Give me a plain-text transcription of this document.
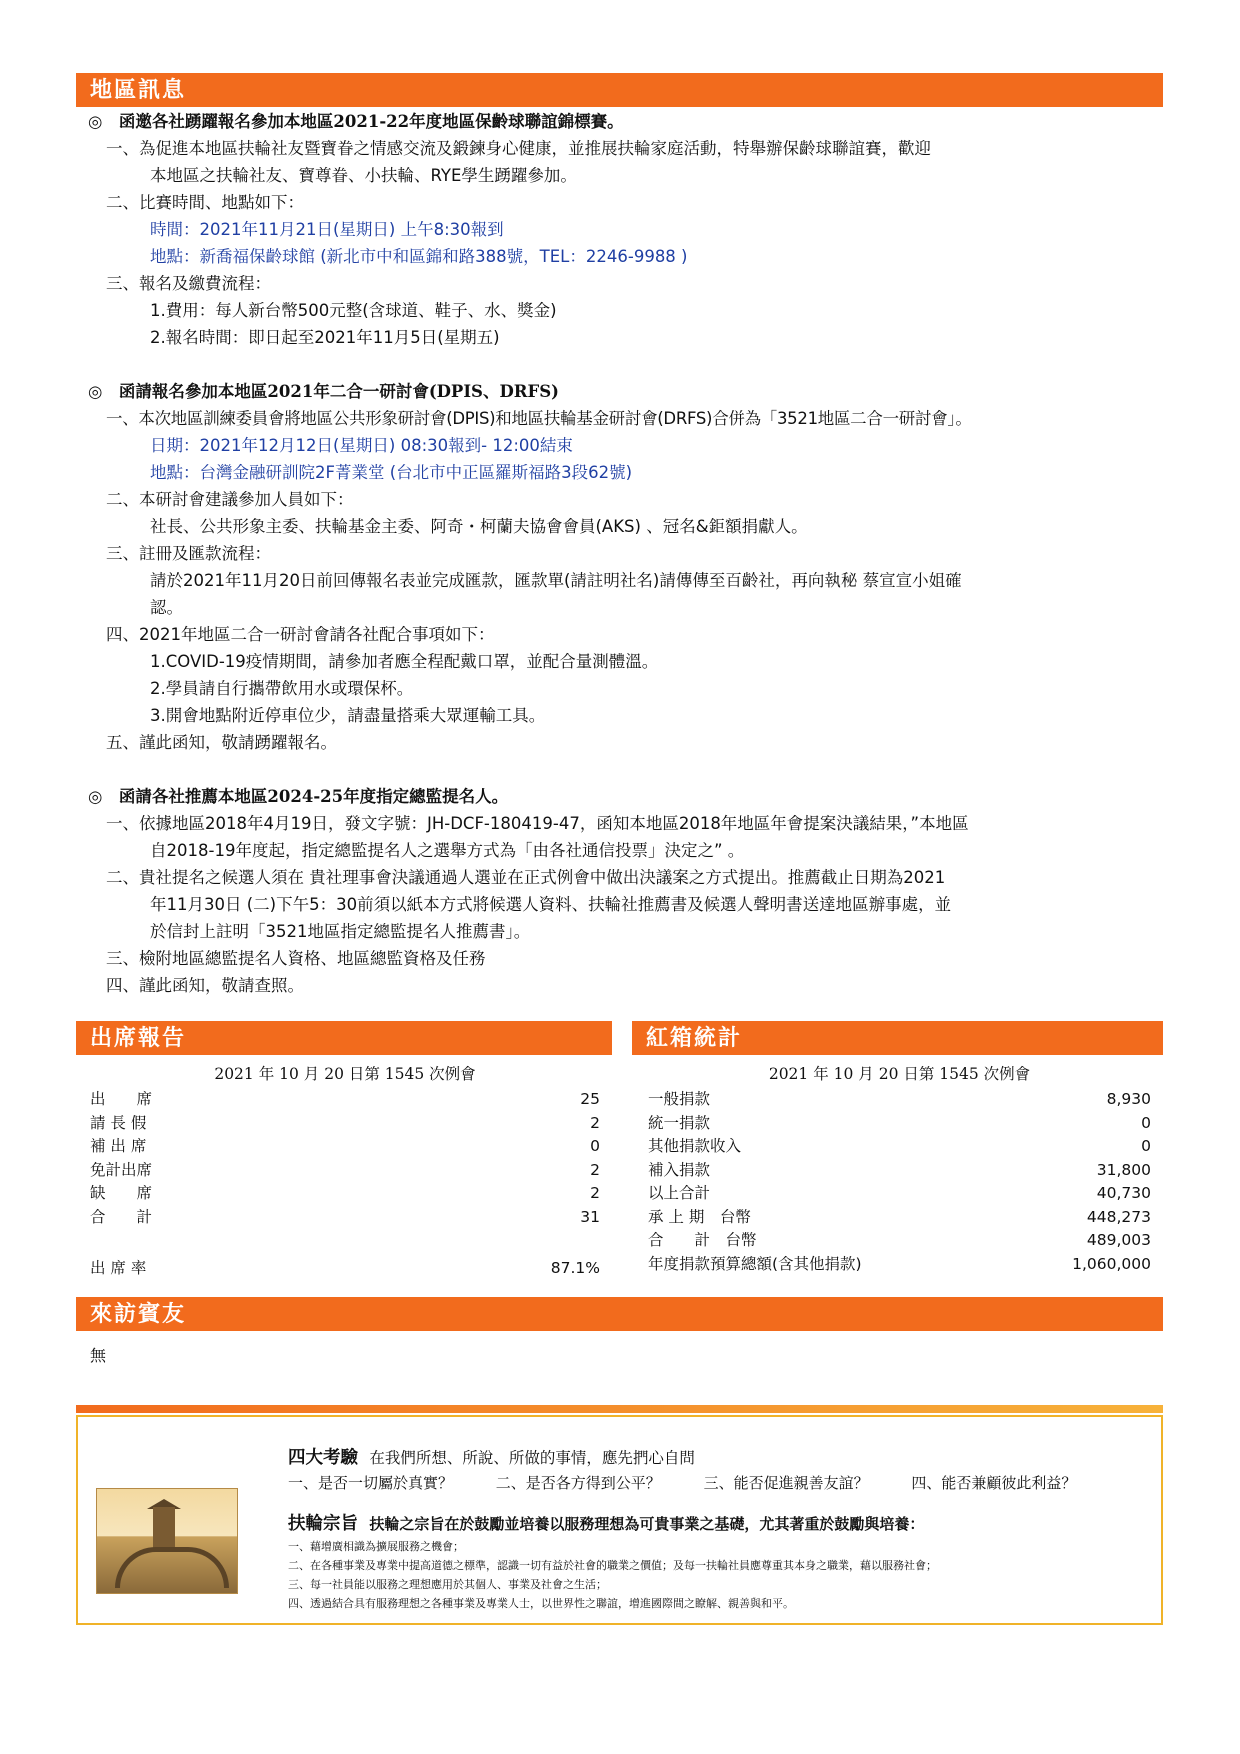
地區訊息

◎　函邀各社踴躍報名參加本地區2021-22年度地區保齡球聯誼錦標賽。

一、為促進本地區扶輪社友暨寶眷之情感交流及鍛鍊身心健康，並推展扶輪家庭活動，特舉辦保齡球聯誼賽，歡迎

本地區之扶輪社友、寶尊眷、小扶輪、RYE學生踴躍參加。

二、比賽時間、地點如下：

時間：2021年11月21日(星期日) 上午8:30報到

地點：新喬福保齡球館 (新北市中和區錦和路388號，TEL：2246-9988 )

三、報名及繳費流程：

1.費用：每人新台幣500元整(含球道、鞋子、水、獎金)

2.報名時間：即日起至2021年11月5日(星期五)

◎　函請報名參加本地區2021年二合一研討會(DPIS、DRFS)

一、本次地區訓練委員會將地區公共形象研討會(DPIS)和地區扶輪基金研討會(DRFS)合併為「3521地區二合一研討會」。

日期：2021年12月12日(星期日) 08:30報到- 12:00結束

地點：台灣金融研訓院2F菁業堂 (台北市中正區羅斯福路3段62號)

二、本研討會建議參加人員如下：

社長、公共形象主委、扶輪基金主委、阿奇・柯蘭夫協會會員(AKS) 、冠名&鉅額捐獻人。

三、註冊及匯款流程：

請於2021年11月20日前回傳報名表並完成匯款，匯款單(請註明社名)請傳傳至百齡社，再向執秘 蔡宣宣小姐確

認。

四、2021年地區二合一研討會請各社配合事項如下：

1.COVID-19疫情期間，請參加者應全程配戴口罩，並配合量測體溫。

2.學員請自行攜帶飲用水或環保杯。

3.開會地點附近停車位少，請盡量搭乘大眾運輸工具。

五、謹此函知，敬請踴躍報名。

◎　函請各社推薦本地區2024-25年度指定總監提名人。

一、依據地區2018年4月19日，發文字號：JH-DCF-180419-47，函知本地區2018年地區年會提案決議結果，”本地區

自2018-19年度起，指定總監提名人之選舉方式為「由各社通信投票」決定之” 。

二、貴社提名之候選人須在 貴社理事會決議通過人選並在正式例會中做出決議案之方式提出。推薦截止日期為2021

年11月30日 (二)下午5：30前須以紙本方式將候選人資料、扶輪社推薦書及候選人聲明書送達地區辦事處，並

於信封上註明「3521地區指定總監提名人推薦書」。

三、檢附地區總監提名人資格、地區總監資格及任務

四、謹此函知，敬請查照。

出席報告
2021 年 10 月 20 日第 1545 次例會
出　　席	25
請 長 假	2
補 出 席	0
免計出席	2
缺　　席	2
合　　計	31
出 席 率	87.1%
紅箱統計
2021 年 10 月 20 日第 1545 次例會
一般捐款	8,930
統一捐款	0
其他捐款收入	0
補入捐款	31,800
以上合計	40,730
承 上 期　台幣	448,273
合　　計　台幣	489,003
年度捐款預算總額(含其他捐款)	1,060,000
來訪賓友
無
四大考驗 在我們所想、所說、所做的事情，應先捫心自問
一、是否一切屬於真實？	二、是否各方得到公平？	三、能否促進親善友誼？	四、能否兼顧彼此利益？
扶輪宗旨 扶輪之宗旨在於鼓勵並培養以服務理想為可貴事業之基礎，尤其著重於鼓勵與培養：
一、藉增廣相識為擴展服務之機會；
二、在各種事業及專業中提高道德之標準，認識一切有益於社會的職業之價值；及每一扶輪社員應尊重其本身之職業，藉以服務社會；
三、每一社員能以服務之理想應用於其個人、事業及社會之生活；
四、透過結合具有服務理想之各種事業及專業人士，以世界性之聯誼，增進國際間之瞭解、親善與和平。
